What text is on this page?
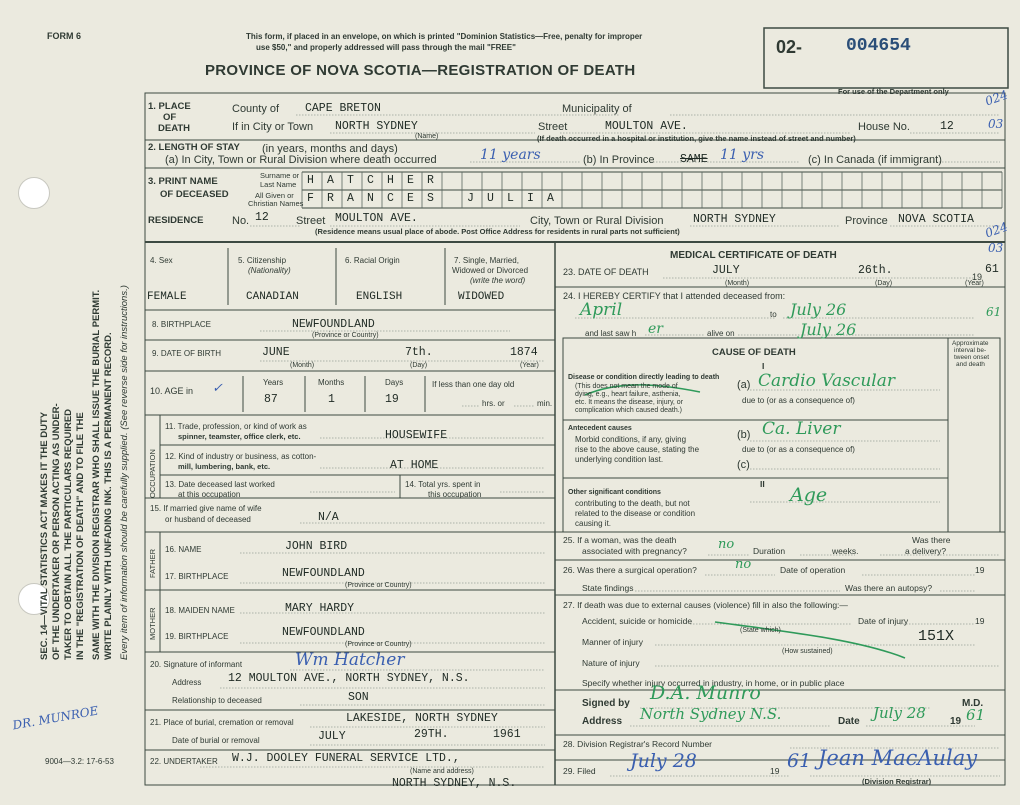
FORM 6	This form, if placed in an envelope, on which is printed "Dominion Statistics—Free, penalty for improper
use $50," and properly addressed will pass through the mail "FREE"
PROVINCE OF NOVA SCOTIA—REGISTRATION OF DEATH
02- 004654
For use of the Department only	024
03
024
03
SEC. 14—VITAL STATISTICS ACT MAKES IT THE DUTY OF THE UNDERTAKER OR PERSON ACTING AS UNDER- TAKER TO OBTAIN ALL THE PARTICULARS REQUIRED IN THE "REGISTRATION OF DEATH" AND TO FILE THE SAME WITH THE DIVISION REGISTRAR WHO SHALL ISSUE THE BURIAL PERMIT. WRITE PLAINLY WITH UNFADING INK. THIS IS A PERMANENT RECORD. Every item of information should be carefully supplied. (See reverse side for instructions.)
DR. MUNROE
9004—3.2: 17-6-53
1. PLACE
OF
DEATH
County of CAPE BRETON	Municipality of
If in City or Town NORTH SYDNEY
(Name)
Street	MOULTON AVE.	House No.	12
(If death occurred in a hospital or institution, give the name instead of street and number)
2. LENGTH OF STAY (in years, months and days)
(a) In City, Town or Rural Division where death occurred	11 years	(b) In Province SAME 11 yrs	(c) In Canada (if immigrant)
3. PRINT NAME
OF DECEASED
Surname or
Last Name
All Given or
Christian Names
H A T C H E R
F R A N C E S	J U L I A
RESIDENCE	No. 12 Street MOULTON AVE.	City, Town or Rural Division	NORTH SYDNEY	Province NOVA SCOTIA
(Residence means usual place of abode. Post Office Address for residents in rural parts not sufficient)
4. Sex
FEMALE
5. Citizenship
(Nationality)
CANADIAN
6. Racial Origin
ENGLISH
7. Single, Married,
Widowed or Divorced
(write the word)
WIDOWED
8. BIRTHPLACE	NEWFOUNDLAND
(Province or Country)
9. DATE OF BIRTH	JUNE	7th.	1874
(Month)	(Day)	(Year)
10. AGE in ✓	Years
87
Months
1
Days
19
If less than one day old
hrs. or	min.
OCCUPATION
11. Trade, profession, or kind of work as
spinner, teamster, office clerk, etc.	HOUSEWIFE
12. Kind of industry or business, as cotton-
mill, lumbering, bank, etc.	AT HOME
13. Date deceased last worked
at this occupation
14. Total yrs. spent in
this occupation
15. If married give name of wife
or husband of deceased	N/A
FATHER 16. NAME	JOHN BIRD
17. BIRTHPLACE	NEWFOUNDLAND
(Province or Country)
MOTHER 18. MAIDEN NAME	MARY HARDY
19. BIRTHPLACE	NEWFOUNDLAND
(Province or Country)
20. Signature of informant	Wm Hatcher
Address 12 MOULTON AVE., NORTH SYDNEY, N.S.
Relationship to deceased	SON
21. Place of burial, cremation or removal	LAKESIDE, NORTH SYDNEY
Date of burial or removal	JULY	29TH.	1961
22. UNDERTAKER W.J. DOOLEY FUNERAL SERVICE LTD.,
(Name and address)
NORTH SYDNEY, N.S.
MEDICAL CERTIFICATE OF DEATH
23. DATE OF DEATH	JULY	26th.	19
61
(Month)	(Day)	(Year)
24. I HEREBY CERTIFY that I attended deceased from:
April	to July 26	61
and last saw h er	alive on	July 26
CAUSE OF DEATH
I
Approximate
interval be-
tween onset
and death
Disease or condition directly leading to death
(This does not mean the mode of
dying, e.g., heart failure, asthenia,
etc. It means the disease, injury, or
complication which caused death.)
(a) Cardio Vascular
due to (or as a consequence of)
Antecedent causes
Morbid conditions, if any, giving
rise to the above cause, stating the
underlying condition last.
(b) Ca. Liver
due to (or as a consequence of)
(c)
II
Other significant conditions
contributing to the death, but not
related to the disease or condition
causing it.
Age
25. If a woman, was the death
associated with pregnancy? no Duration	weeks.
Was there
a delivery?
26. Was there a surgical operation?	no	Date of operation	19
State findings	Was there an autopsy?
27. If death was due to external causes (violence) fill in also the following:—
Accident, suicide or homicide
(State which)
Date of injury	19
Manner of injury	151X
(How sustained)
Nature of injury
Specify whether injury occurred in industry, in home, or in public place
Signed by D.A. Munro	M.D.
Address North Sydney N.S.	Date July 28 19 61
28. Division Registrar's Record Number
29. Filed July 28	19 61 Jean MacAulay
(Division Registrar)
